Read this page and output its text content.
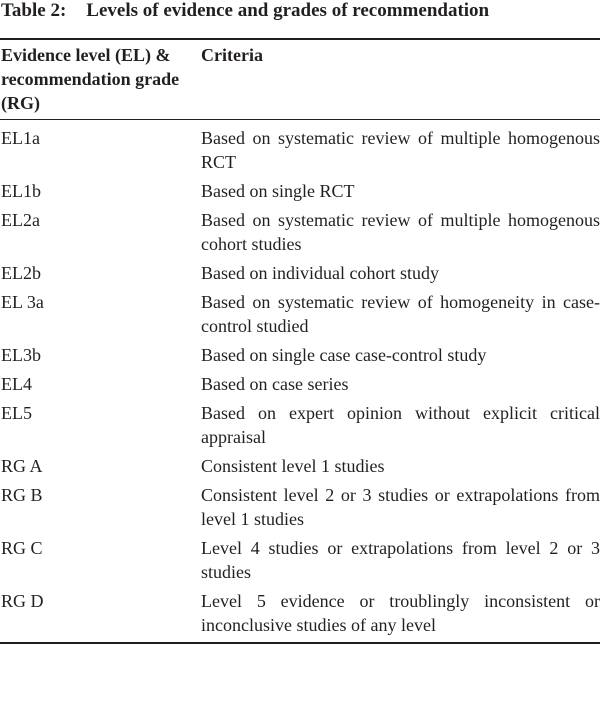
Table 2: Levels of evidence and grades of recommendation
Evidence level (EL) & recommendation grade (RG)	Criteria
EL1a	Based on systematic review of multiple homogenous RCT
EL1b	Based on single RCT
EL2a	Based on systematic review of multiple homogenous cohort studies
EL2b	Based on individual cohort study
EL 3a	Based on systematic review of homogeneity in case-control studied
EL3b	Based on single case case-control study
EL4	Based on case series
EL5	Based on expert opinion without explicit critical appraisal
RG A	Consistent level 1 studies
RG B	Consistent level 2 or 3 studies or extrapolations from level 1 studies
RG C	Level 4 studies or extrapolations from level 2 or 3 studies
RG D	Level 5 evidence or troublingly inconsistent or inconclusive studies of any level
